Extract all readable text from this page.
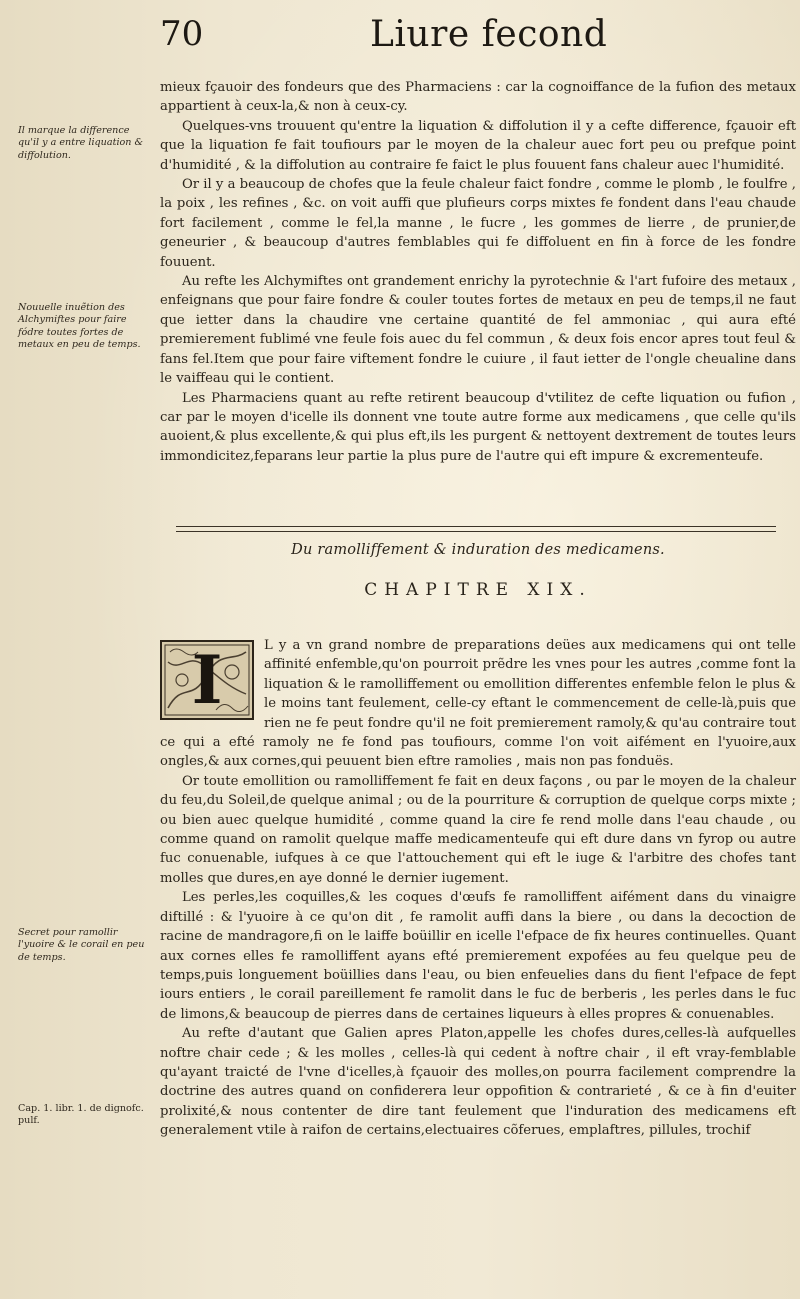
70	Liure fecond

mieux fçauoir des fondeurs que des Pharmaciens : car la cognoiffance de la fufion des metaux appartient à ceux-la,& non à ceux-cy.

Quelques-vns trouuent qu'entre la liquation & diffolution il y a cefte difference, fçauoir eft que la liquation fe fait toufiours par le moyen de la chaleur auec fort peu ou prefque point d'humidité , & la diffolution au contraire fe faict le plus fouuent fans chaleur auec l'humidité.

Or il y a beaucoup de chofes que la feule chaleur faict fondre , comme le plomb , le foulfre , la poix , les refines , &c. on voit auffi que plufieurs corps mixtes fe fondent dans l'eau chaude fort facilement , comme le fel,la manne , le fucre , les gommes de lierre , de prunier,de geneurier , & beaucoup d'autres femblables qui fe diffoluent en fin à force de les fondre fouuent.

Au refte les Alchymiftes ont grandement enrichy la pyrotechnie & l'art fufoire des metaux , enfeignans que pour faire fondre & couler toutes fortes de metaux en peu de temps,il ne faut que ietter dans la chaudire vne certaine quantité de fel ammoniac , qui aura efté premierement fublimé vne feule fois auec du fel commun , & deux fois encor apres tout feul & fans fel.Item que pour faire viftement fondre le cuiure , il faut ietter de l'ongle cheualine dans le vaiffeau qui le contient.

Les Pharmaciens quant au refte retirent beaucoup d'vtilitez de cefte liquation ou fufion , car par le moyen d'icelle ils donnent vne toute autre forme aux medicamens , que celle qu'ils auoient,& plus excellente,& qui plus eft,ils les purgent & nettoyent dextrement de toutes leurs immondicitez,feparans leur partie la plus pure de l'autre qui eft impure & excrementeufe.

Il marque la difference qu'il y a entre liquation & diffolution.
Nouuelle inuẽtion des Alchymiftes pour faire fódre toutes fortes de metaux en peu de temps.
Du ramolliffement & induration des medicamens.
CHAPITRE XIX.
I	L y a vn grand nombre de preparations deües aux medicamens qui ont telle affinité enfemble,qu'on pourroit prẽdre les vnes pour les autres ,comme font la liquation & le ramolliffement ou emollition differentes enfemble felon le plus & le moins tant feulement, celle-cy eftant le commencement de celle-là,puis que rien ne fe peut fondre qu'il ne foit premierement ramoly,& qu'au contraire tout ce qui a efté ramoly ne fe fond pas toufiours, comme l'on voit aifément en l'yuoire,aux ongles,& aux cornes,qui peuuent bien eftre ramolies , mais non pas fonduës.

Or toute emollition ou ramolliffement fe fait en deux façons , ou par le moyen de la chaleur du feu,du Soleil,de quelque animal ; ou de la pourriture & corruption de quelque corps mixte ; ou bien auec quelque humidité , comme quand la cire fe rend molle dans l'eau chaude , ou comme quand on ramolit quelque maffe medicamenteufe qui eft dure dans vn fyrop ou autre fuc conuenable, iufques à ce que l'attouchement qui eft le iuge & l'arbitre des chofes tant molles que dures,en aye donné le dernier iugement.

Les perles,les coquilles,& les coques d'œufs fe ramolliffent aifément dans du vinaigre diftillé : & l'yuoire à ce qu'on dit , fe ramolit auffi dans la biere , ou dans la decoction de racine de mandragore,fi on le laiffe boüillir en icelle l'efpace de fix heures continuelles. Quant aux cornes elles fe ramolliffent ayans efté premierement expofées au feu quelque peu de temps,puis longuement boüillies dans l'eau, ou bien enfeuelies dans du fient l'efpace de fept iours entiers , le corail pareillement fe ramolit dans le fuc de berberis , les perles dans le fuc de limons,& beaucoup de pierres dans de certaines liqueurs à elles propres & conuenables.

Au refte d'autant que Galien apres Platon,appelle les chofes dures,celles-là aufquelles noftre chair cede ; & les molles , celles-là qui cedent à noftre chair , il eft vray-femblable qu'ayant traicté de l'vne d'icelles,à fçauoir des molles,on pourra facilement comprendre la doctrine des autres quand on confiderera leur oppofition & contrarieté , & ce à fin d'euiter prolixité,& nous contenter de dire tant feulement que l'induration des medicamens eft generalement vtile à raifon de certains,electuaires cõferues, emplaftres, pillules, trochif

Secret pour ramollir l'yuoire & le corail en peu de temps.
Cap. 1. libr. 1. de dignofc. pulf.
